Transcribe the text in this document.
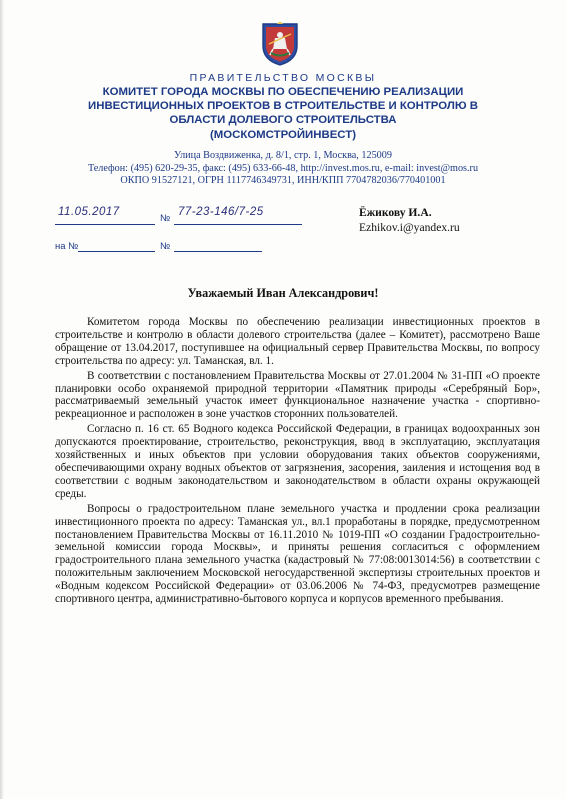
ПРАВИТЕЛЬСТВО МОСКВЫ
КОМИТЕТ ГОРОДА МОСКВЫ ПО ОБЕСПЕЧЕНИЮ РЕАЛИЗАЦИИ
ИНВЕСТИЦИОННЫХ ПРОЕКТОВ В СТРОИТЕЛЬСТВЕ И КОНТРОЛЮ В
ОБЛАСТИ ДОЛЕВОГО СТРОИТЕЛЬСТВА
(МОСКОМСТРОЙИНВЕСТ)
Улица Воздвиженка, д. 8/1, стр. 1, Москва, 125009
Телефон: (495) 620-29-35, факс: (495) 633-66-48, http://invest.mos.ru, e-mail: invest@mos.ru
ОКПО 91527121, ОГРН 1117746349731, ИНН/КПП 7704782036/770401001
11.05.2017
№
77-23-146/7-25
на №	№
Ёжикову И.А.
Ezhikov.i@yandex.ru
Уважаемый Иван Александрович!

Комитетом города Москвы по обеспечению реализации инвестиционных проектов в строительстве и контролю в области долевого строительства (далее – Комитет), рассмотрено Ваше обращение от 13.04.2017, поступившее на официальный сервер Правительства Москвы, по вопросу строительства по адресу: ул. Таманская, вл. 1.

В соответствии с постановлением Правительства Москвы от 27.01.2004 № 31-ПП «О проекте планировки особо охраняемой природной территории «Памятник природы «Серебряный Бор», рассматриваемый земельный участок имеет функциональное назначение участка - спортивно-рекреационное и расположен в зоне участков сторонних пользователей.

Согласно п. 16 ст. 65 Водного кодекса Российской Федерации, в границах водоохранных зон допускаются проектирование, строительство, реконструкция, ввод в эксплуатацию, эксплуатация хозяйственных и иных объектов при условии оборудования таких объектов сооружениями, обеспечивающими охрану водных объектов от загрязнения, засорения, заиления и истощения вод в соответствии с водным законодательством и законодательством в области охраны окружающей среды.

Вопросы о градостроительном плане земельного участка и продлении срока реализации инвестиционного проекта по адресу: Таманская ул., вл.1 проработаны в порядке, предусмотренном постановлением Правительства Москвы от 16.11.2010 № 1019-ПП «О создании Градостроительно-земельной комиссии города Москвы», и приняты решения согласиться с оформлением градостроительного плана земельного участка (кадастровый № 77:08:0013014:56) в соответствии с положительным заключением Московской негосударственной экспертизы строительных проектов и «Водным кодексом Российской Федерации» от 03.06.2006 № 74-ФЗ, предусмотрев размещение спортивного центра, административно-бытового корпуса и корпусов временного пребывания.
